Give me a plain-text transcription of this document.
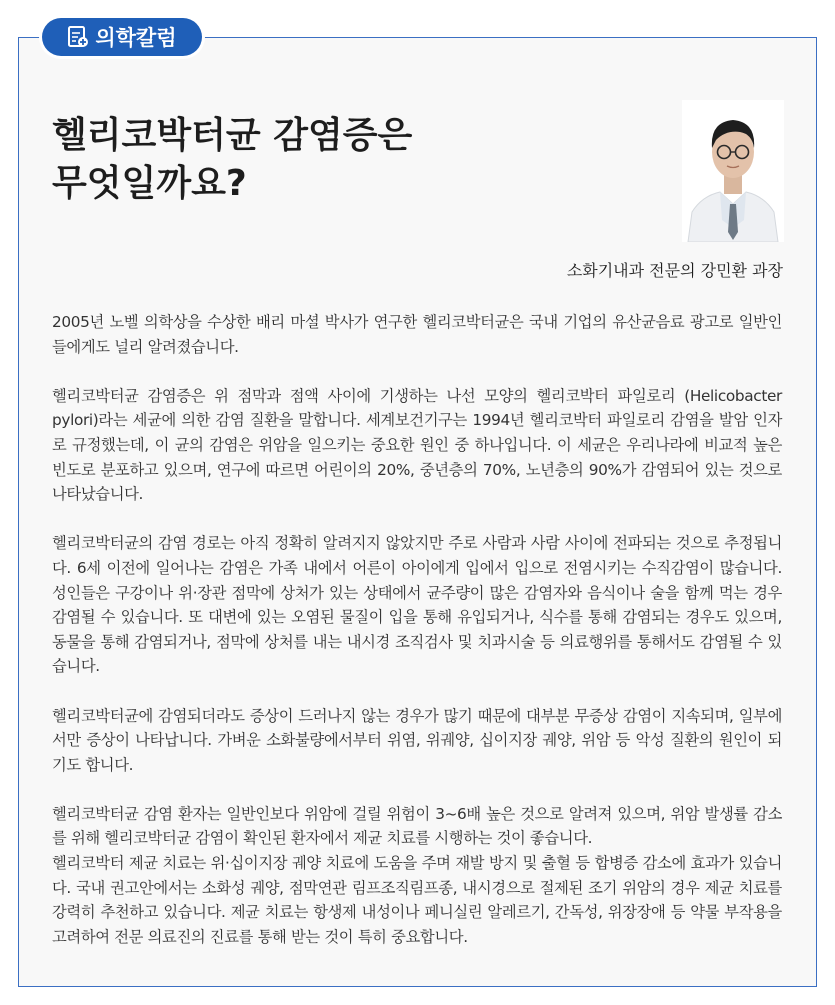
의학칼럼
헬리코박터균 감염증은
무엇일까요?
소화기내과 전문의 강민환 과장

2005년 노벨 의학상을 수상한 배리 마셜 박사가 연구한 헬리코박터균은 국내 기업의 유산균음료 광고로 일반인들에게도 널리 알려졌습니다.

헬리코박터균 감염증은 위 점막과 점액 사이에 기생하는 나선 모양의 헬리코박터 파일로리 (Helicobacter pylori)라는 세균에 의한 감염 질환을 말합니다. 세계보건기구는 1994년 헬리코박터 파일로리 감염을 발암 인자로 규정했는데, 이 균의 감염은 위암을 일으키는 중요한 원인 중 하나입니다. 이 세균은 우리나라에 비교적 높은 빈도로 분포하고 있으며, 연구에 따르면 어린이의 20%, 중년층의 70%, 노년층의 90%가 감염되어 있는 것으로 나타났습니다.

헬리코박터균의 감염 경로는 아직 정확히 알려지지 않았지만 주로 사람과 사람 사이에 전파되는 것으로 추정됩니다. 6세 이전에 일어나는 감염은 가족 내에서 어른이 아이에게 입에서 입으로 전염시키는 수직감염이 많습니다. 성인들은 구강이나 위·장관 점막에 상처가 있는 상태에서 균주량이 많은 감염자와 음식이나 술을 함께 먹는 경우 감염될 수 있습니다. 또 대변에 있는 오염된 물질이 입을 통해 유입되거나, 식수를 통해 감염되는 경우도 있으며, 동물을 통해 감염되거나, 점막에 상처를 내는 내시경 조직검사 및 치과시술 등 의료행위를 통해서도 감염될 수 있습니다.

헬리코박터균에 감염되더라도 증상이 드러나지 않는 경우가 많기 때문에 대부분 무증상 감염이 지속되며, 일부에서만 증상이 나타납니다. 가벼운 소화불량에서부터 위염, 위궤양, 십이지장 궤양, 위암 등 악성 질환의 원인이 되기도 합니다.

헬리코박터균 감염 환자는 일반인보다 위암에 걸릴 위험이 3~6배 높은 것으로 알려져 있으며, 위암 발생률 감소를 위해 헬리코박터균 감염이 확인된 환자에서 제균 치료를 시행하는 것이 좋습니다.

헬리코박터 제균 치료는 위·십이지장 궤양 치료에 도움을 주며 재발 방지 및 출혈 등 합병증 감소에 효과가 있습니다. 국내 권고안에서는 소화성 궤양, 점막연관 림프조직림프종, 내시경으로 절제된 조기 위암의 경우 제균 치료를 강력히 추천하고 있습니다. 제균 치료는 항생제 내성이나 페니실린 알레르기, 간독성, 위장장애 등 약물 부작용을 고려하여 전문 의료진의 진료를 통해 받는 것이 특히 중요합니다.
